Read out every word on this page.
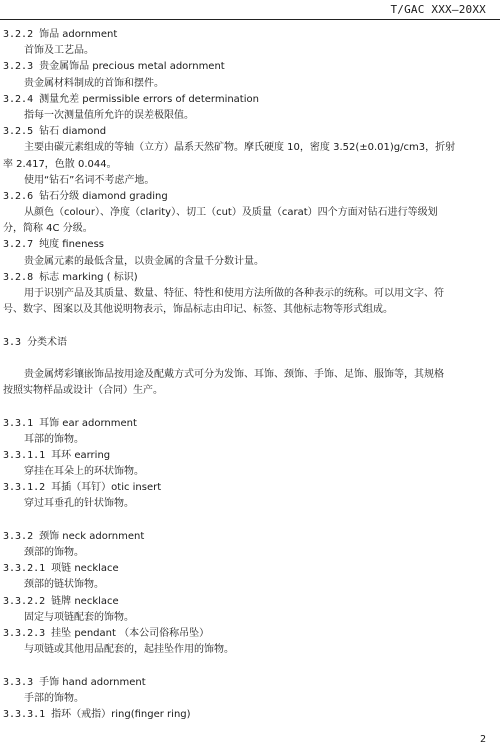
T/GAC XXX—20XX
3.2.2 饰品 adornment
首饰及工艺品。
3.2.3 贵金属饰品 precious metal adornment
贵金属材料制成的首饰和摆件。
3.2.4 测量允差 permissible errors of determination
指每一次测量值所允许的误差极限值。
3.2.5 钻石 diamond
主要由碳元素组成的等轴（立方）晶系天然矿物。摩氏硬度 10，密度 3.52(±0.01)g/cm3，折射
率 2.417，色散 0.044。
使用“钻石”名词不考虑产地。
3.2.6 钻石分级 diamond grading
从颜色（colour）、净度（clarity）、切工（cut）及质量（carat）四个方面对钻石进行等级划
分，简称 4C 分级。
3.2.7 纯度 fineness
贵金属元素的最低含量，以贵金属的含量千分数计量。
3.2.8 标志 marking ( 标识)
用于识别产品及其质量、数量、特征、特性和使用方法所做的各种表示的统称。可以用文字、符
号、数字、图案以及其他说明物表示，饰品标志由印记、标签、其他标志物等形式组成。
3.3 分类术语
贵金属烤彩镶嵌饰品按用途及配戴方式可分为发饰、耳饰、颈饰、手饰、足饰、服饰等，其规格
按照实物样品或设计（合同）生产。
3.3.1 耳饰 ear adornment
耳部的饰物。
3.3.1.1 耳环 earring
穿挂在耳朵上的环状饰物。
3.3.1.2 耳插（耳钉）otic insert
穿过耳垂孔的针状饰物。
3.3.2 颈饰 neck adornment
颈部的饰物。
3.3.2.1 项链 necklace
颈部的链状饰物。
3.3.2.2 链牌 necklace
固定与项链配套的饰物。
3.3.2.3 挂坠 pendant （本公司俗称吊坠）
与项链或其他用品配套的，起挂坠作用的饰物。
3.3.3 手饰 hand adornment
手部的饰物。
3.3.3.1 指环（戒指）ring(finger ring)
2
